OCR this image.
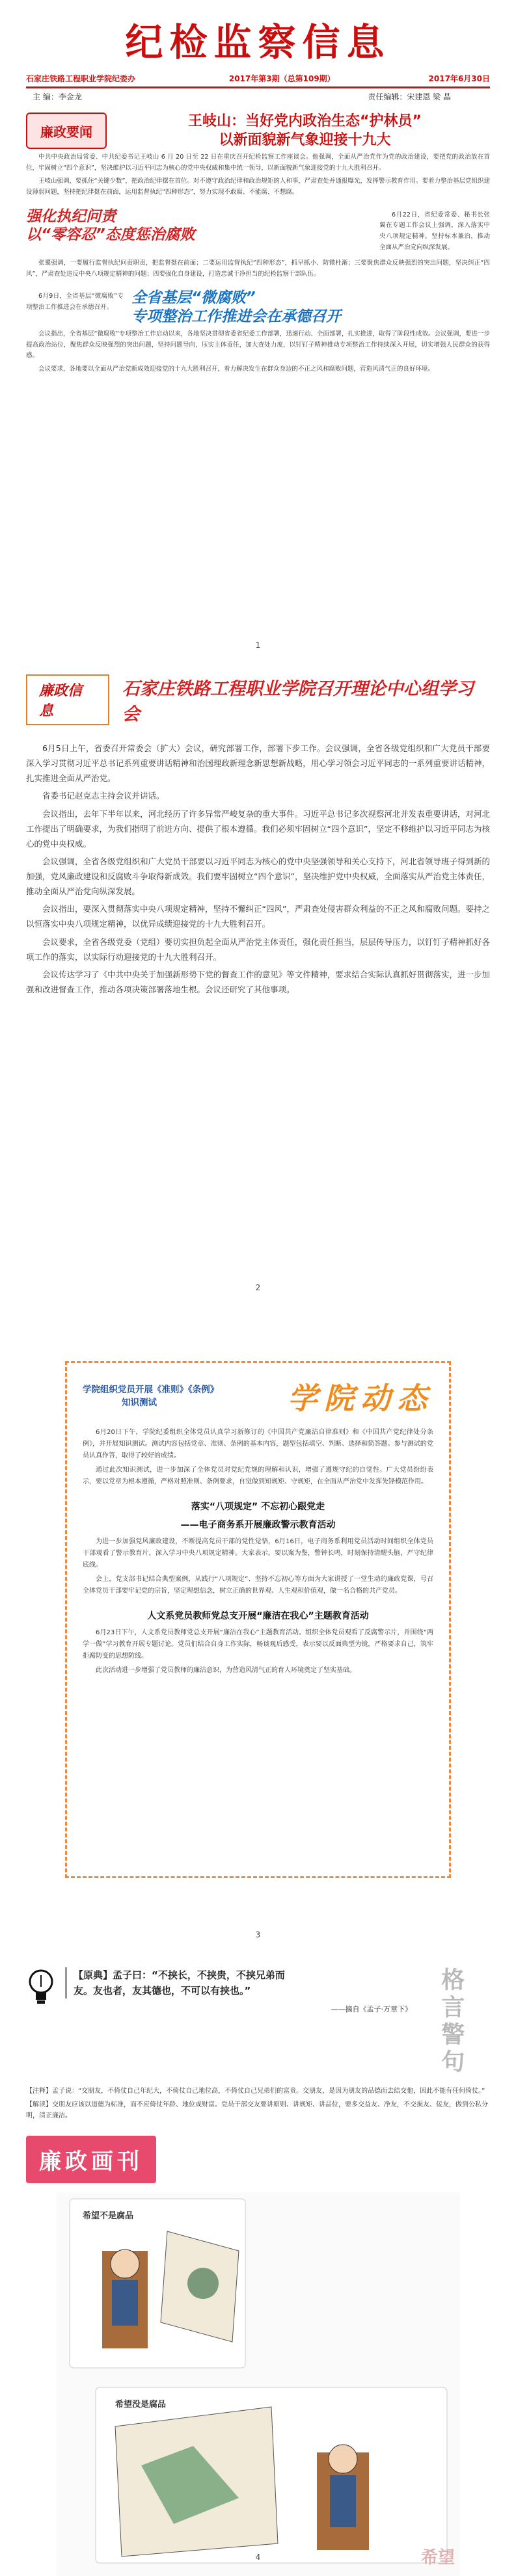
纪检监察信息
石家庄铁路工程职业学院纪委办	2017年第3期（总第109期）	2017年6月30日
主 编：李金龙	责任编辑：宋建恩 梁 晶
廉政要闻
王岐山：当好党内政治生态“护林员”
以新面貌新气象迎接十九大

中共中央政治局常委、中共纪委书记王岐山 6 月 20 日至 22 日在重庆召开纪检监察工作座谈会。他强调，全面从严治党作为党的政治建设，要把党的政治放在首位，牢固树立“四个意识”，坚决维护以习近平同志为核心的党中央权威和集中统一领导，以新面貌新气象迎接党的十九大胜利召开。

王岐山强调，要抓住“关键少数”，把政治纪律摆在首位。对不遵守政治纪律和政治规矩的人和事，严肃查处并通报曝光，发挥警示教育作用。要着力整治基层党组织建设薄弱问题，坚持把纪律挺在前面，运用监督执纪“四种形态”，努力实现不敢腐、不能腐、不想腐。

强化执纪问责
以“零容忍”态度惩治腐败

6月22日，省纪委常委、秘书长张翼在专题工作会议上强调，深入落实中央八项规定精神，坚持标本兼治，推动全面从严治党向纵深发展。

张翼强调，一要履行监督执纪问责职责，把监督挺在前面；二要运用监督执纪“四种形态”，抓早抓小、防微杜渐；三要聚焦群众反映强烈的突出问题，坚决纠正“四风”，严肃查处违反中央八项规定精神的问题；四要强化自身建设，打造忠诚干净担当的纪检监察干部队伍。

6月9日，全省基层“微腐败”专项整治工作推进会在承德召开。

全省基层“微腐败”
专项整治工作推进会在承德召开

会议指出，全省基层“微腐败”专项整治工作启动以来，各地坚决贯彻省委省纪委工作部署，迅速行动、全面部署，扎实推进，取得了阶段性成效。会议强调，要进一步提高政治站位，聚焦群众反映强烈的突出问题，坚持问题导向，压实主体责任，加大查处力度，以钉钉子精神推动专项整治工作持续深入开展，切实增强人民群众的获得感。

会议要求，各地要以全面从严治党新成效迎接党的十九大胜利召开，着力解决发生在群众身边的不正之风和腐败问题，营造风清气正的良好环境。

1
廉政信息
石家庄铁路工程职业学院召开理论中心组学习会

6月5日上午，省委召开常委会（扩大）会议，研究部署工作，部署下步工作。会议强调，全省各级党组织和广大党员干部要深入学习贯彻习近平总书记系列重要讲话精神和治国理政新理念新思想新战略，用心学习领会习近平同志的一系列重要讲话精神，扎实推进全面从严治党。

省委书记赵克志主持会议并讲话。

会议指出，去年下半年以来，河北经历了许多异常严峻复杂的重大事件。习近平总书记多次视察河北并发表重要讲话，对河北工作提出了明确要求，为我们指明了前进方向、提供了根本遵循。我们必须牢固树立“四个意识”，坚定不移维护以习近平同志为核心的党中央权威。

会议强调，全省各级党组织和广大党员干部要以习近平同志为核心的党中央坚强领导和关心支持下，河北省领导班子得到新的加强，党风廉政建设和反腐败斗争取得新成效。我们要牢固树立“四个意识”，坚决维护党中央权威，全面落实从严治党主体责任，推动全面从严治党向纵深发展。

会议指出，要深入贯彻落实中央八项规定精神，坚持不懈纠正“四风”，严肃查处侵害群众利益的不正之风和腐败问题。要持之以恒落实中央八项规定精神，以优异成绩迎接党的十九大胜利召开。

会议要求，全省各级党委（党组）要切实担负起全面从严治党主体责任，强化责任担当，层层传导压力，以钉钉子精神抓好各项工作的落实，以实际行动迎接党的十九大胜利召开。

会议传达学习了《中共中央关于加强新形势下党的督查工作的意见》等文件精神，要求结合实际认真抓好贯彻落实，进一步加强和改进督查工作，推动各项决策部署落地生根。会议还研究了其他事项。

2
学院组织党员开展《准则》《条例》
知识测试	学院动态

6月20日下午，学院纪委组织全体党员认真学习新修订的《中国共产党廉洁自律准则》和《中国共产党纪律处分条例》，并开展知识测试。测试内容包括党章、准则、条例的基本内容，题型包括填空、判断、选择和简答题。参与测试的党员认真作答，取得了较好的成绩。

通过此次知识测试，进一步加深了全体党员对党纪党规的理解和认识，增强了遵规守纪的自觉性。广大党员纷纷表示，要以党章为根本遵循，严格对照准则、条例要求，自觉做到知规矩、守规矩，在全面从严治党中发挥先锋模范作用。

落实“八项规定” 不忘初心跟党走
——电子商务系开展廉政警示教育活动

为进一步加强党风廉政建设，不断提高党员干部的党性觉悟，6月16日，电子商务系利用党员活动时间组织全体党员干部观看了警示教育片，深入学习中央八项规定精神。大家表示，要以案为鉴，警钟长鸣，时刻保持清醒头脑，严守纪律底线。

会上，党支部书记结合典型案例，从践行“八项规定”、坚持不忘初心等方面为大家讲授了一堂生动的廉政党课，号召全体党员干部要牢记党的宗旨，坚定理想信念，树立正确的世界观、人生观和价值观，做一名合格的共产党员。

人文系党员教师党总支开展“廉洁在我心”主题教育活动

6月23日下午，人文系党员教师党总支开展“廉洁在我心”主题教育活动。组织全体党员观看了反腐警示片，并围绕“两学一做”学习教育开展专题讨论。党员们结合自身工作实际，畅谈观后感受，表示要以反面典型为镜，严格要求自己，筑牢拒腐防变的思想防线。

此次活动进一步增强了党员教师的廉洁意识，为营造风清气正的育人环境奠定了坚实基础。

3
【原典】孟子曰：“不挟长，不挟贵，不挟兄弟而
友。友也者，友其德也，不可以有挟也。”
——摘自《孟子·万章下》 格言警句

【注释】孟子说：“交朋友，不倚仗自己年纪大，不倚仗自己地位高，不倚仗自己兄弟们的富贵。交朋友，是因为朋友的品德而去结交他，因此不能有任何倚仗。”

【解读】交朋友应该以道德为标准，而不应倚仗年龄、地位或财富。党员干部交友要讲原则、讲规矩、讲品位，要多交益友、净友，不交损友、佞友，做到公私分明，清正廉洁。

廉政画刊
希望不是腐品
希望没是腐品
希望
4
